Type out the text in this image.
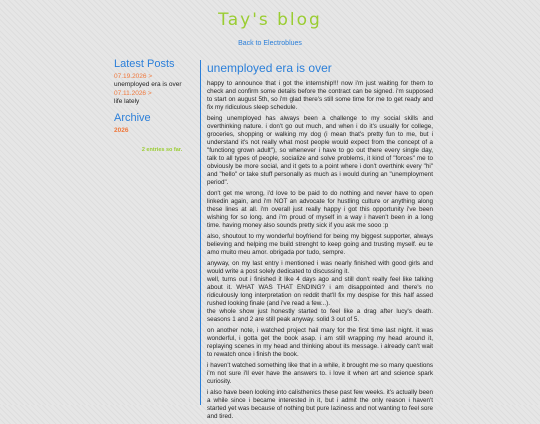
Tay's blog
Back to Electroblues
Latest Posts
07.19.2026 >
unemployed era is over
07.11.2026 >
life lately
Archive
2026
2 entries so far.
unemployed era is over

happy to announce that i got the internship!!! now i'm just waiting for them to check and confirm some details before the contract can be signed. i'm supposed to start on august 5th, so i'm glad there's still some time for me to get ready and fix my ridiculous sleep schedule.

being unemployed has always been a challenge to my social skills and overthinking nature. i don't go out much, and when i do it's usually for college, groceries, shopping or walking my dog (i mean that's pretty fun to me, but i understand it's not really what most people would expect from the concept of a "functiong grown adult"), so whenever i have to go out there every single day, talk to all types of people, socialize and solve problems, it kind of "forces" me to obviously be more social, and it gets to a point where i don't overthink every "hi" and "hello" or take stuff personally as much as i would during an "unemployment period".

don't get me wrong, i'd love to be paid to do nothing and never have to open linkedin again, and i'm NOT an advocate for hustling culture or anything along these lines at all. i'm overall just really happy i got this opportunity i've been wishing for so long. and i'm proud of myself in a way i haven't been in a long time. having money also sounds pretty sick if you ask me sooo :p

also, shoutout to my wonderful boyfriend for being my biggest supporter, always believing and helping me build strenght to keep going and trusting myself. eu te amo muito meu amor. obrigada por tudo, sempre.

anyway, on my last entry i mentioned i was nearly finished with good girls and would write a post solely dedicated to discussing it.

well, turns out i finished it like 4 days ago and still don't really feel like talking about it. WHAT WAS THAT ENDING? i am disappointed and there's no ridiculously long interpretation on reddit that'll fix my despise for this half assed rushed looking finale (and i've read a few...).

the whole show just honestly started to feel like a drag after lucy's death. seasons 1 and 2 are still peak anyway. solid 3 out of 5.

on another note, i watched project hail mary for the first time last night. it was wonderful, i gotta get the book asap. i am still wrapping my head around it, replaying scenes in my head and thinking about its message. i already can't wait to rewatch once i finish the book.

i haven't watched something like that in a while, it brought me so many questions i'm not sure i'll ever have the answers to. i love it when art and science spark curiosity.

i also have been looking into calisthenics these past few weeks. it's actually been a while since i became interested in it, but i admit the only reason i haven't started yet was because of nothing but pure laziness and not wanting to feel sore and tired.
